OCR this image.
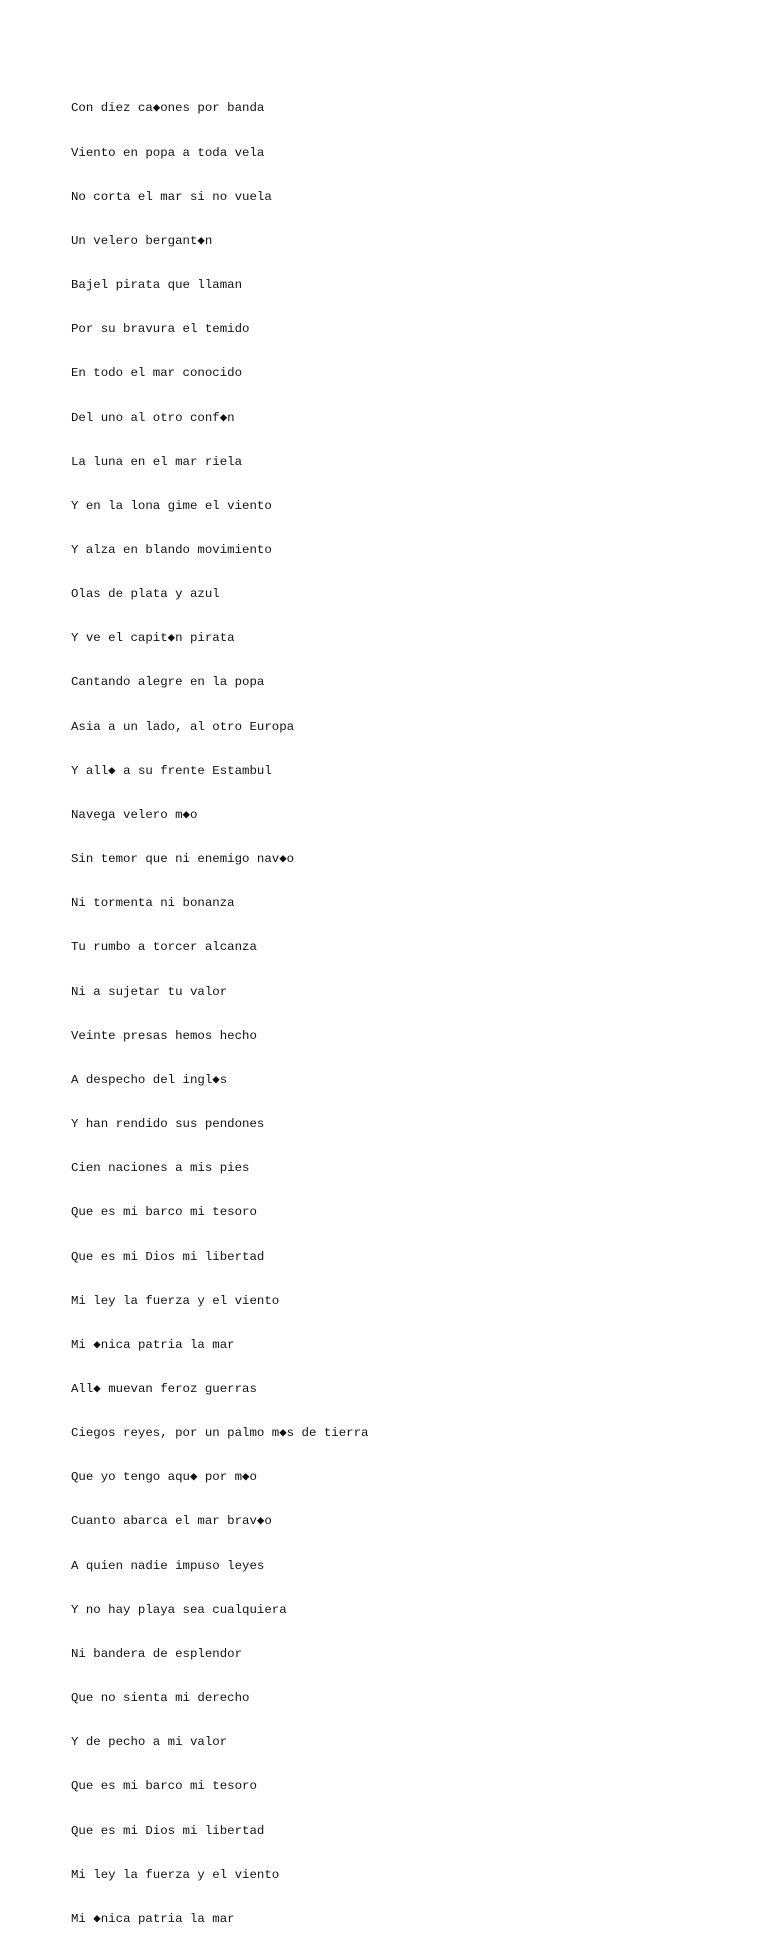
Con diez ca◆ones por banda

Viento en popa a toda vela

No corta el mar si no vuela

Un velero bergant◆n

Bajel pirata que llaman

Por su bravura el temido

En todo el mar conocido

Del uno al otro conf◆n

La luna en el mar riela

Y en la lona gime el viento

Y alza en blando movimiento

Olas de plata y azul

Y ve el capit◆n pirata

Cantando alegre en la popa

Asia a un lado, al otro Europa

Y all◆ a su frente Estambul

Navega velero m◆o

Sin temor que ni enemigo nav◆o

Ni tormenta ni bonanza

Tu rumbo a torcer alcanza

Ni a sujetar tu valor

Veinte presas hemos hecho

A despecho del ingl◆s

Y han rendido sus pendones

Cien naciones a mis pies

Que es mi barco mi tesoro

Que es mi Dios mi libertad

Mi ley la fuerza y el viento

Mi ◆nica patria la mar

All◆ muevan feroz guerras

Ciegos reyes, por un palmo m◆s de tierra

Que yo tengo aqu◆ por m◆o

Cuanto abarca el mar brav◆o

A quien nadie impuso leyes

Y no hay playa sea cualquiera

Ni bandera de esplendor

Que no sienta mi derecho

Y de pecho a mi valor

Que es mi barco mi tesoro

Que es mi Dios mi libertad

Mi ley la fuerza y el viento

Mi ◆nica patria la mar
